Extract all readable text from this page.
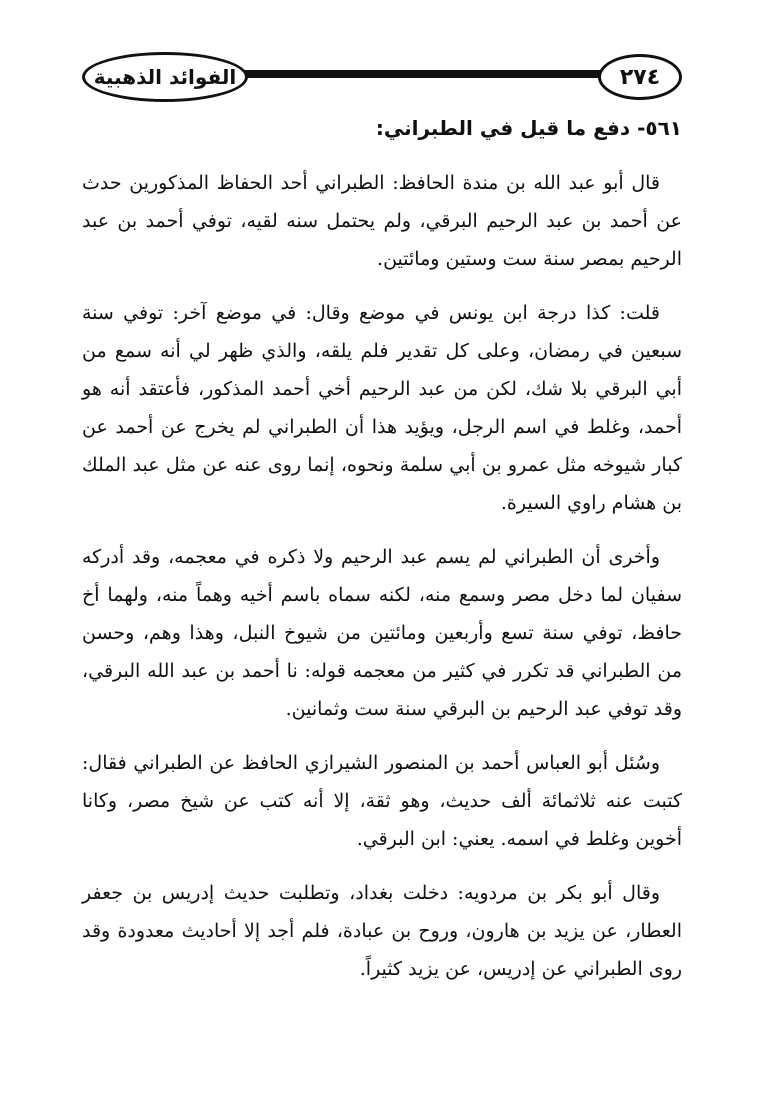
الفوائد الذهبية	٢٧٤
٥٦١- دفع ما قيل في الطبراني:

قال أبو عبد الله بن مندة الحافظ: الطبراني أحد الحفاظ المذكورين حدث عن أحمد بن عبد الرحيم البرقي، ولم يحتمل سنه لقيه، توفي أحمد بن عبد الرحيم بمصر سنة ست وستين ومائتين.

قلت: كذا درجة ابن يونس في موضع وقال: في موضع آخر: توفي سنة سبعين في رمضان، وعلى كل تقدير فلم يلقه، والذي ظهر لي أنه سمع من أبي البرقي بلا شك، لكن من عبد الرحيم أخي أحمد المذكور، فأعتقد أنه هو أحمد، وغلط في اسم الرجل، ويؤيد هذا أن الطبراني لم يخرج عن أحمد عن كبار شيوخه مثل عمرو بن أبي سلمة ونحوه، إنما روى عنه عن مثل عبد الملك بن هشام راوي السيرة.

وأخرى أن الطبراني لم يسم عبد الرحيم ولا ذكره في معجمه، وقد أدركه سفيان لما دخل مصر وسمع منه، لكنه سماه باسم أخيه وهماً منه، ولهما أخ حافظ، توفي سنة تسع وأربعين ومائتين من شيوخ النبل، وهذا وهم، وحسن من الطبراني قد تكرر في كثير من معجمه قوله: نا أحمد بن عبد الله البرقي، وقد توفي عبد الرحيم بن البرقي سنة ست وثمانين.

وسُئل أبو العباس أحمد بن المنصور الشيرازي الحافظ عن الطبراني فقال: كتبت عنه ثلاثمائة ألف حديث، وهو ثقة، إلا أنه كتب عن شيخ مصر، وكانا أخوين وغلط في اسمه. يعني: ابن البرقي.

وقال أبو بكر بن مردويه: دخلت بغداد، وتطلبت حديث إدريس بن جعفر العطار، عن يزيد بن هارون، وروح بن عبادة، فلم أجد إلا أحاديث معدودة وقد روى الطبراني عن إدريس، عن يزيد كثيراً.
